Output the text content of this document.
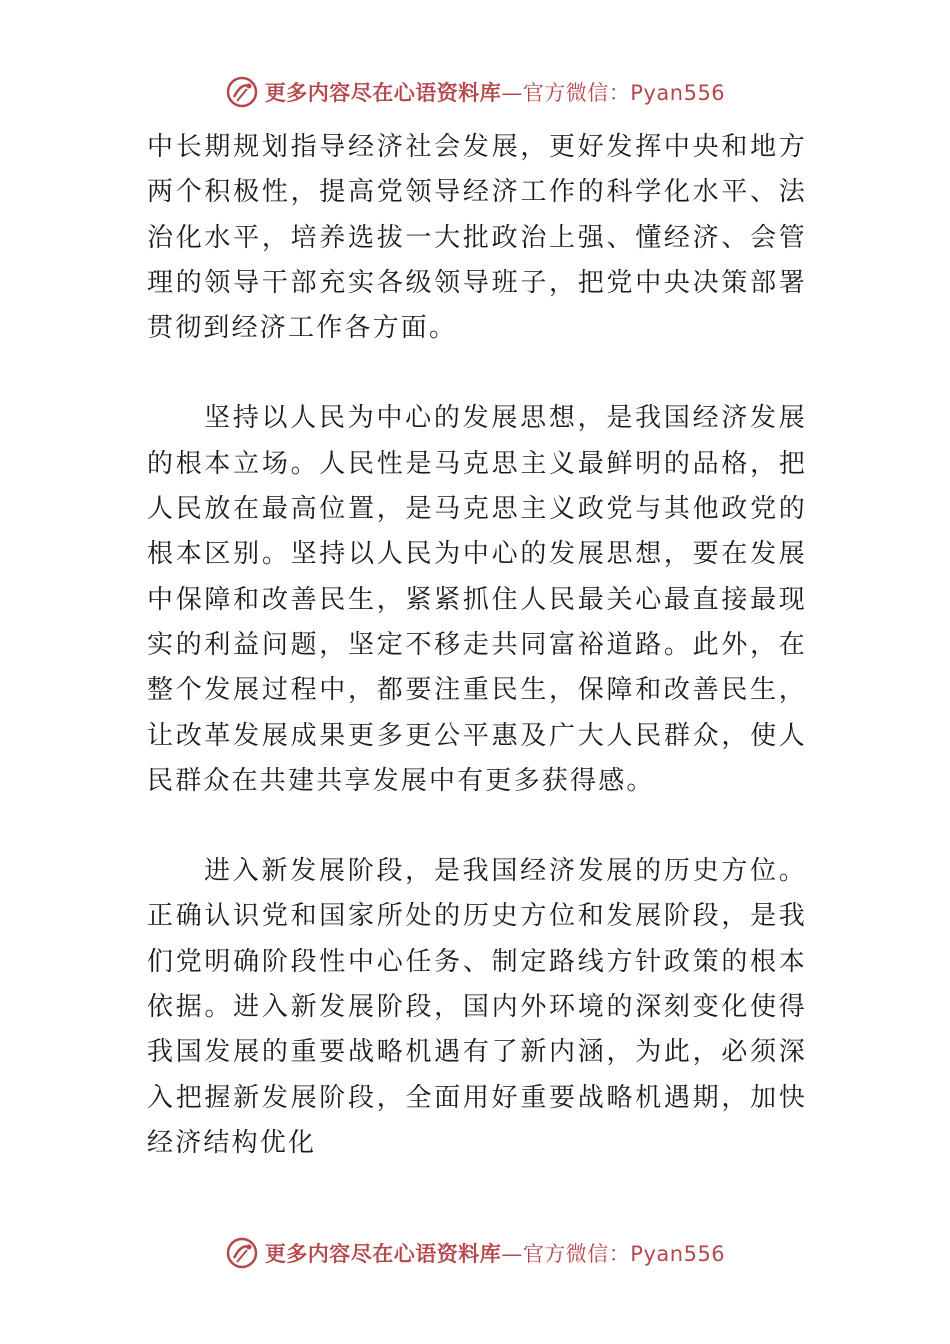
更多内容尽在心语资料库—官方微信：Pyan556

中长期规划指导经济社会发展，更好发挥中央和地方两个积极性，提高党领导经济工作的科学化水平、法治化水平，培养选拔一大批政治上强、懂经济、会管理的领导干部充实各级领导班子，把党中央决策部署贯彻到经济工作各方面。

坚持以人民为中心的发展思想，是我国经济发展的根本立场。人民性是马克思主义最鲜明的品格，把人民放在最高位置，是马克思主义政党与其他政党的根本区别。坚持以人民为中心的发展思想，要在发展中保障和改善民生，紧紧抓住人民最关心最直接最现实的利益问题，坚定不移走共同富裕道路。此外，在整个发展过程中，都要注重民生，保障和改善民生，让改革发展成果更多更公平惠及广大人民群众，使人民群众在共建共享发展中有更多获得感。

进入新发展阶段，是我国经济发展的历史方位。正确认识党和国家所处的历史方位和发展阶段，是我们党明确阶段性中心任务、制定路线方针政策的根本依据。进入新发展阶段，国内外环境的深刻变化使得我国发展的重要战略机遇有了新内涵，为此，必须深入把握新发展阶段，全面用好重要战略机遇期，加快经济结构优化

更多内容尽在心语资料库—官方微信：Pyan556
